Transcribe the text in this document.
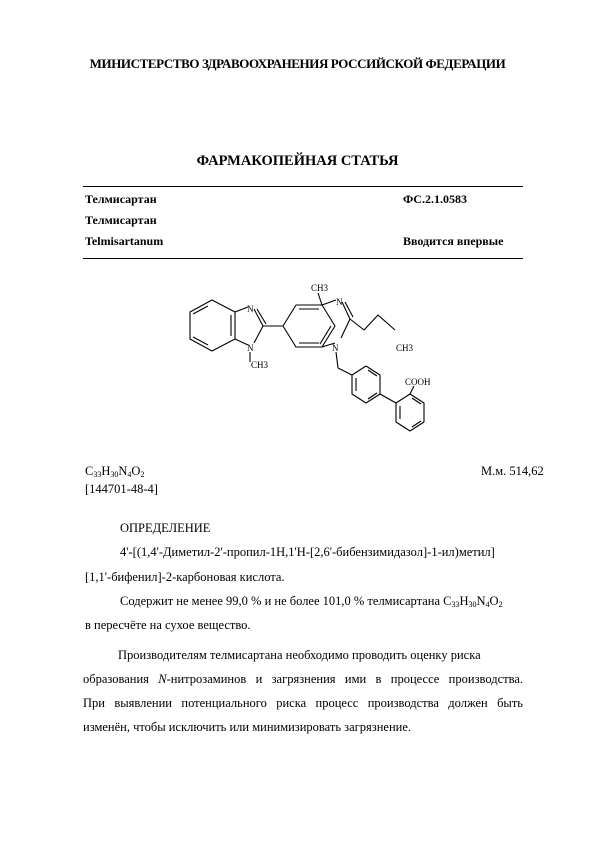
МИНИСТЕРСТВО ЗДРАВООХРАНЕНИЯ РОССИЙСКОЙ ФЕДЕРАЦИИ
ФАРМАКОПЕЙНАЯ СТАТЬЯ
Телмисартан	ФС.2.1.0583
Телмисартан
Telmisartanum	Вводится впервые
N
N
N
N
CH3
CH3
CH3
COOH
$C_{33}H_{30}N_4O_2$	М.м. 514,62
[144701-48-4]
ОПРЕДЕЛЕНИЕ
4'-[(1,4'-Диметил-2'-пропил-1H,1'H-[2,6'-бибензимидазол]-1-ил)метил]
[1,1'-бифенил]-2-карбоновая кислота.
Содержит не менее 99,0 % и не более 101,0 % телмисартана $C_{33}H_{30}N_4O_2$
в пересчёте на сухое вещество.
Производителям телмисартана необходимо проводить оценку риска
образования N-нитрозаминов и загрязнения ими в процессе производства.
При выявлении потенциального риска процесс производства должен быть
изменён, чтобы исключить или минимизировать загрязнение.
